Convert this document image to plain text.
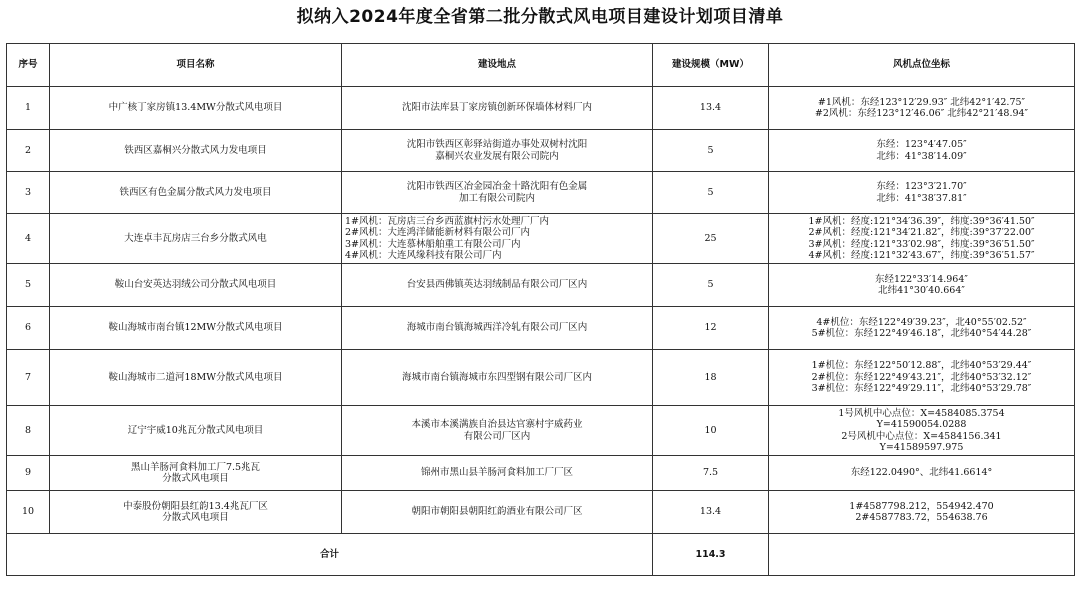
拟纳入2024年度全省第二批分散式风电项目建设计划项目清单
序号	项目名称	建设地点	建设规模（MW）	风机点位坐标
1	中广核丁家房镇13.4MW分散式风电项目	沈阳市法库县丁家房镇创新环保墙体材料厂内	13.4	#1风机：东经123°12′29.93″ 北纬42°1′42.75″
#2风机：东经123°12′46.06″ 北纬42°21′48.94″

2	铁西区嘉桐兴分散式风力发电项目	沈阳市铁西区彰驿站街道办事处双树村沈阳
嘉桐兴农业发展有限公司院内	5	东经：123°4′47.05″
北纬：41°38′14.09″

3	铁西区有色金属分散式风力发电项目	沈阳市铁西区冶金园冶金十路沈阳有色金属
加工有限公司院内	5	东经：123°3′21.70″
北纬：41°38′37.81″

4	大连卓丰瓦房店三台乡分散式风电	1#风机：瓦房店三台乡西蓝旗村污水处理厂厂内
2#风机：大连鸿洋储能新材料有限公司厂内
3#风机：大连慕林船舶重工有限公司厂内
4#风机：大连风缘科技有限公司厂内	25	1#风机：经度:121°34′36.39″，纬度:39°36′41.50″
2#风机：经度:121°34′21.82″，纬度:39°37′22.00″
3#风机：经度:121°33′02.98″，纬度:39°36′51.50″
4#风机：经度:121°32′43.67″，纬度:39°36′51.57″

5	鞍山台安英达羽绒公司分散式风电项目	台安县西佛镇英达羽绒制品有限公司厂区内	5	东经122°33′14.964″
北纬41°30′40.664″

6	鞍山海城市南台镇12MW分散式风电项目	海城市南台镇海城西洋冷轧有限公司厂区内	12	4#机位：东经122°49′39.23″，北40°55′02.52″
5#机位：东经122°49′46.18″，北纬40°54′44.28″

7	鞍山海城市二道河18MW分散式风电项目	海城市南台镇海城市东四型钢有限公司厂区内	18	1#机位：东经122°50′12.88″，北纬40°53′29.44″
2#机位：东经122°49′43.21″，北纬40°53′32.12″
3#机位：东经122°49′29.11″，北纬40°53′29.78″

8	辽宁宇威10兆瓦分散式风电项目	本溪市本溪满族自治县达官寨村宇威药业
有限公司厂区内	10	1号风机中心点位：X=4584085.3754
Y=41590054.0288
2号风机中心点位：X=4584156.341
Y=41589597.975

9	黑山羊肠河食料加工厂7.5兆瓦
分散式风电项目	锦州市黑山县羊肠河食料加工厂厂区	7.5	东经122.0490°、北纬41.6614°

10	中泰股份朝阳县红韵13.4兆瓦厂区
分散式风电项目	朝阳市朝阳县朝阳红韵酒业有限公司厂区	13.4	1#4587798.212，554942.470
2#4587783.72，554638.76

合计			114.3	
